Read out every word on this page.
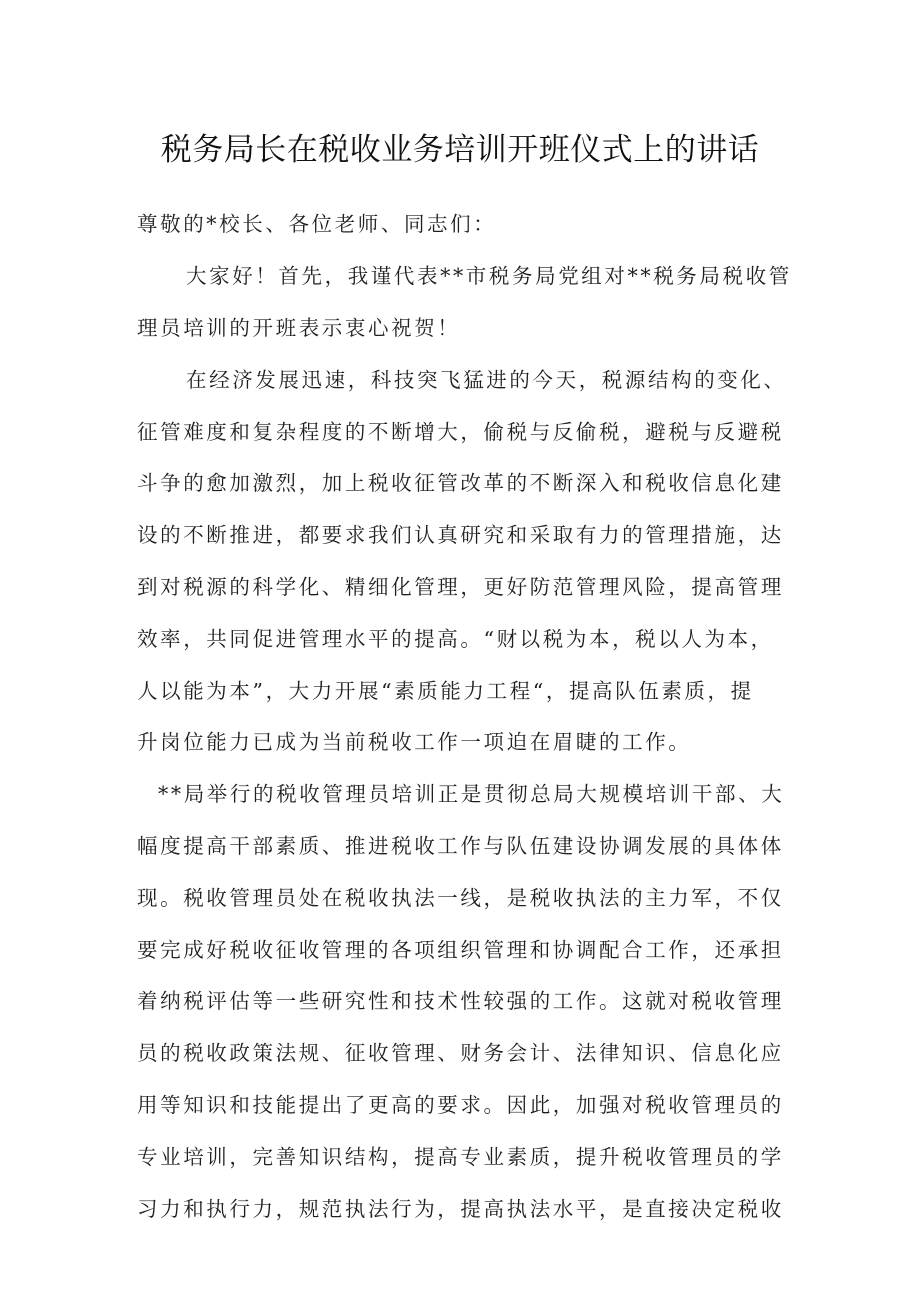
税务局长在税收业务培训开班仪式上的讲话
尊敬的*校长、各位老师、同志们：
大家好！首先，我谨代表**市税务局党组对**税务局税收管
理员培训的开班表示衷心祝贺！
在经济发展迅速，科技突飞猛进的今天，税源结构的变化、
征管难度和复杂程度的不断增大，偷税与反偷税，避税与反避税
斗争的愈加激烈，加上税收征管改革的不断深入和税收信息化建
设的不断推进，都要求我们认真研究和采取有力的管理措施，达
到对税源的科学化、精细化管理，更好防范管理风险，提高管理
效率，共同促进管理水平的提高。“财以税为本，税以人为本，
人以能为本”，大力开展“素质能力工程“，提高队伍素质，提
升岗位能力已成为当前税收工作一项迫在眉睫的工作。
**局举行的税收管理员培训正是贯彻总局大规模培训干部、大
幅度提高干部素质、推进税收工作与队伍建设协调发展的具体体
现。税收管理员处在税收执法一线，是税收执法的主力军，不仅
要完成好税收征收管理的各项组织管理和协调配合工作，还承担
着纳税评估等一些研究性和技术性较强的工作。这就对税收管理
员的税收政策法规、征收管理、财务会计、法律知识、信息化应
用等知识和技能提出了更高的要求。因此，加强对税收管理员的
专业培训，完善知识结构，提高专业素质，提升税收管理员的学
习力和执行力，规范执法行为，提高执法水平，是直接决定税收
